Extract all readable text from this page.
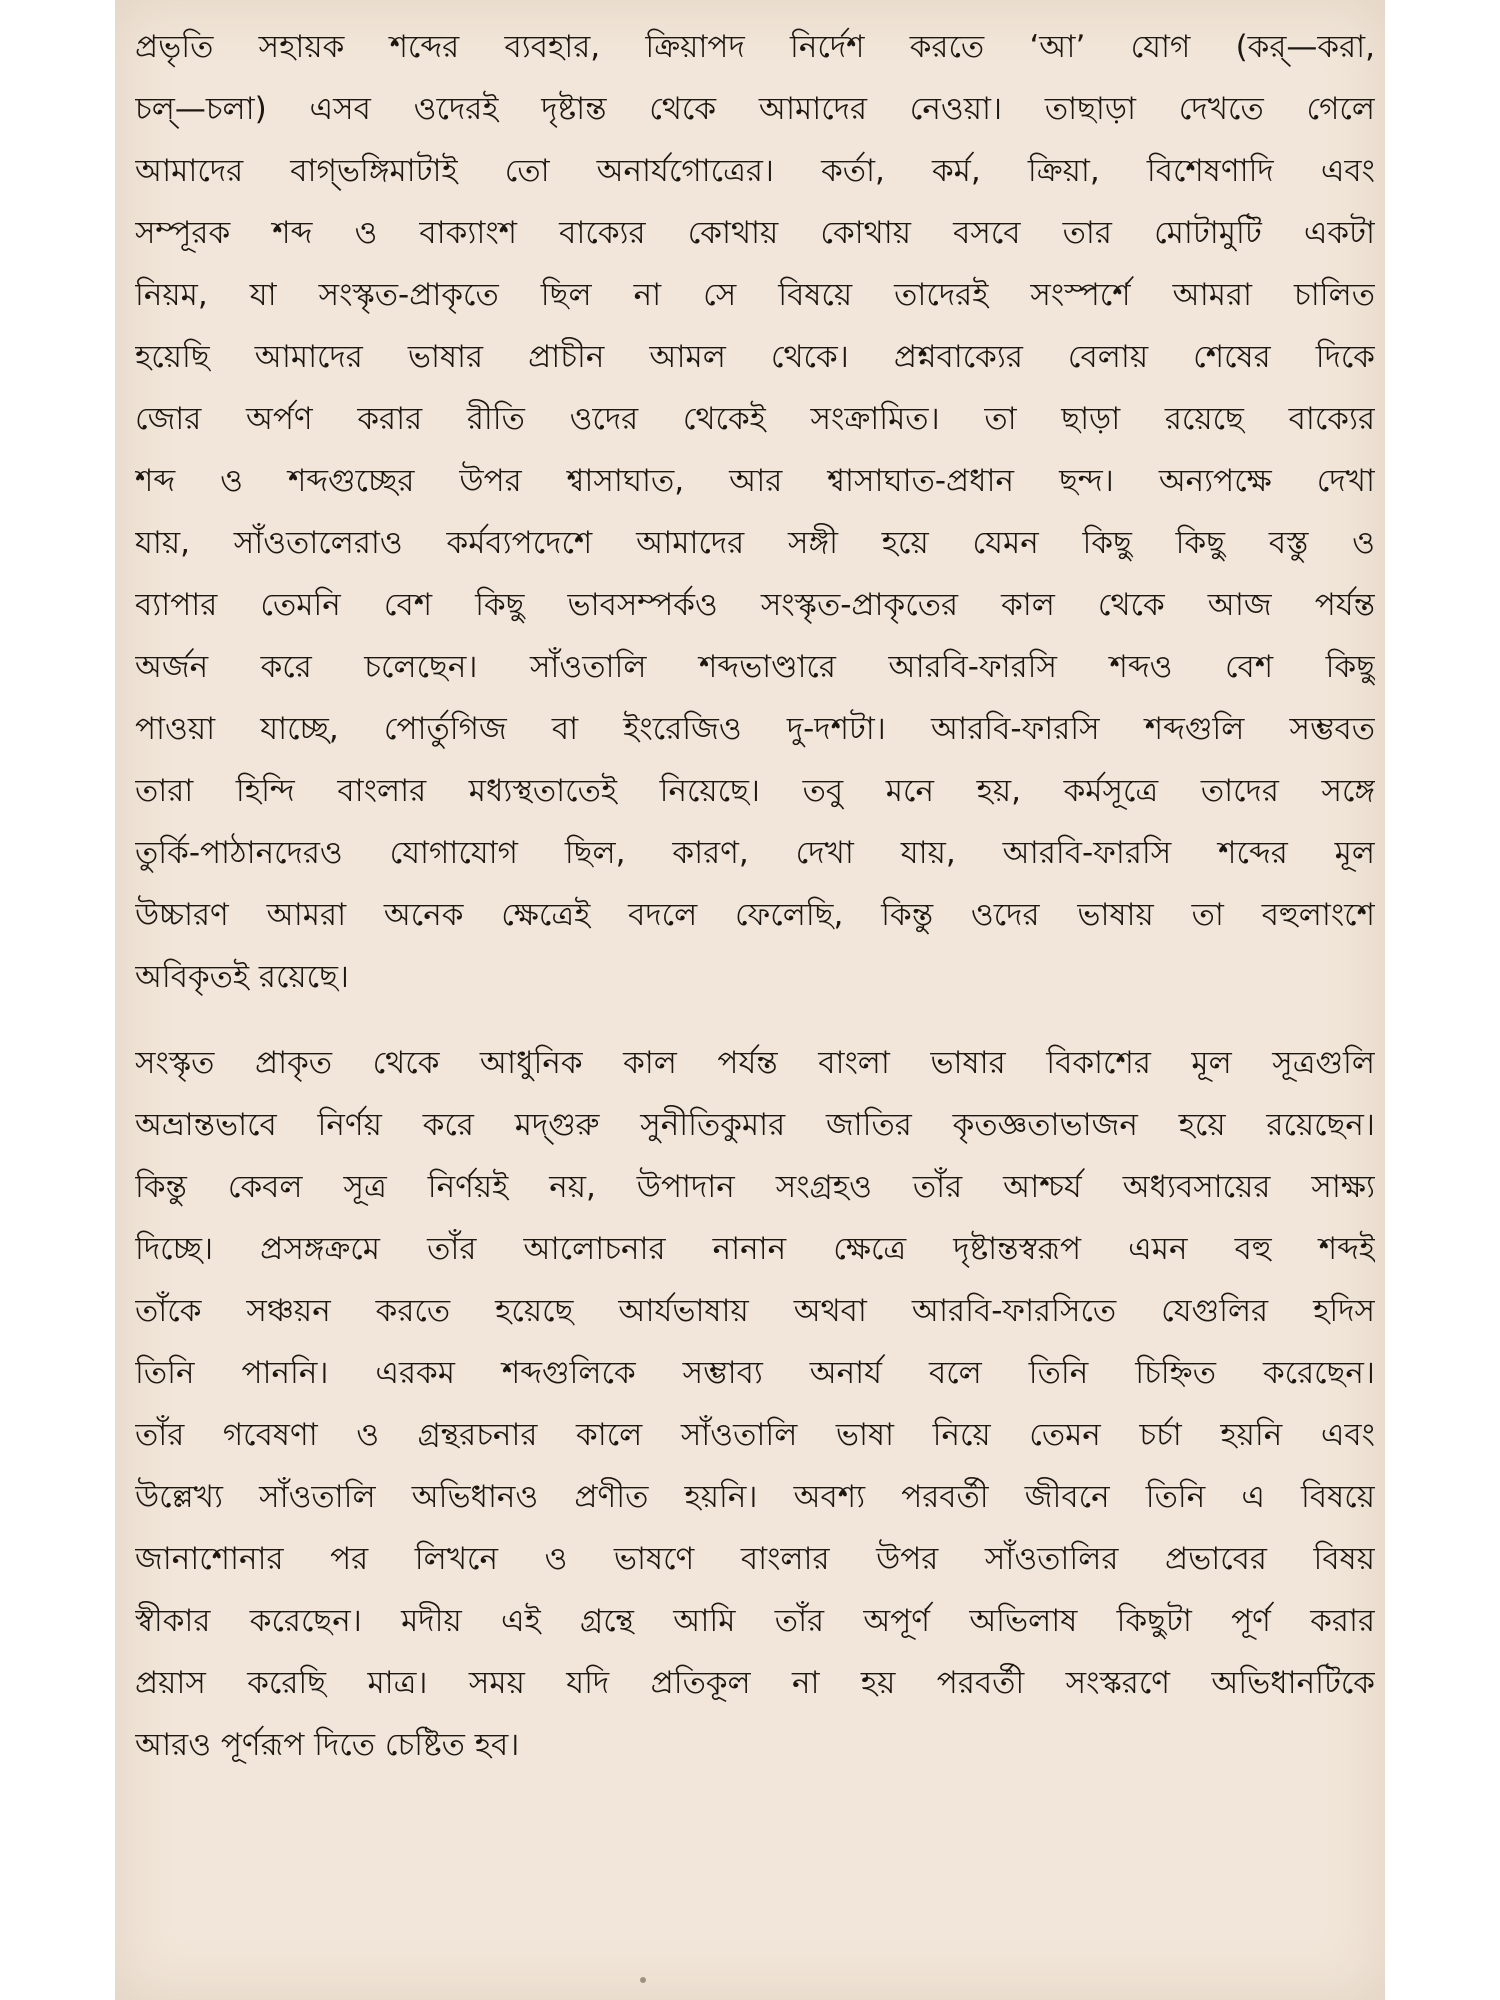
প্রভৃতি সহায়ক শব্দের ব্যবহার, ক্রিয়াপদ নির্দেশ করতে ‘আ’ যোগ (কর্—করা,
চল্—চলা) এসব ওদেরই দৃষ্টান্ত থেকে আমাদের নেওয়া। তাছাড়া দেখতে গেলে
আমাদের বাগ্‌ভঙ্গিমাটাই তো অনার্যগোত্রের। কর্তা, কর্ম, ক্রিয়া, বিশেষণাদি এবং
সম্পূরক শব্দ ও বাক্যাংশ বাক্যের কোথায় কোথায় বসবে তার মোটামুটি একটা
নিয়ম, যা সংস্কৃত-প্রাকৃতে ছিল না সে বিষয়ে তাদেরই সংস্পর্শে আমরা চালিত
হয়েছি আমাদের ভাষার প্রাচীন আমল থেকে। প্রশ্নবাক্যের বেলায় শেষের দিকে
জোর অর্পণ করার রীতি ওদের থেকেই সংক্রামিত। তা ছাড়া রয়েছে বাক্যের
শব্দ ও শব্দগুচ্ছের উপর শ্বাসাঘাত, আর শ্বাসাঘাত-প্রধান ছন্দ। অন্যপক্ষে দেখা
যায়, সাঁওতালেরাও কর্মব্যপদেশে আমাদের সঙ্গী হয়ে যেমন কিছু কিছু বস্তু ও
ব্যাপার তেমনি বেশ কিছু ভাবসম্পর্কও সংস্কৃত-প্রাকৃতের কাল থেকে আজ পর্যন্ত
অর্জন করে চলেছেন। সাঁওতালি শব্দভাণ্ডারে আরবি-ফারসি শব্দও বেশ কিছু
পাওয়া যাচ্ছে, পোর্তুগিজ বা ইংরেজিও দু-দশটা। আরবি-ফারসি শব্দগুলি সম্ভবত
তারা হিন্দি বাংলার মধ্যস্থতাতেই নিয়েছে। তবু মনে হয়, কর্মসূত্রে তাদের সঙ্গে
তুর্কি-পাঠানদেরও যোগাযোগ ছিল, কারণ, দেখা যায়, আরবি-ফারসি শব্দের মূল
উচ্চারণ আমরা অনেক ক্ষেত্রেই বদলে ফেলেছি, কিন্তু ওদের ভাষায় তা বহুলাংশে
অবিকৃতই রয়েছে।
সংস্কৃত প্রাকৃত থেকে আধুনিক কাল পর্যন্ত বাংলা ভাষার বিকাশের মূল সূত্রগুলি
অভ্রান্তভাবে নির্ণয় করে মদ্গুরু সুনীতিকুমার জাতির কৃতজ্ঞতাভাজন হয়ে রয়েছেন।
কিন্তু কেবল সূত্র নির্ণয়ই নয়, উপাদান সংগ্রহও তাঁর আশ্চর্য অধ্যবসায়ের সাক্ষ্য
দিচ্ছে। প্রসঙ্গক্রমে তাঁর আলোচনার নানান ক্ষেত্রে দৃষ্টান্তস্বরূপ এমন বহু শব্দই
তাঁকে সঞ্চয়ন করতে হয়েছে আর্যভাষায় অথবা আরবি-ফারসিতে যেগুলির হদিস
তিনি পাননি। এরকম শব্দগুলিকে সম্ভাব্য অনার্য বলে তিনি চিহ্নিত করেছেন।
তাঁর গবেষণা ও গ্রন্থরচনার কালে সাঁওতালি ভাষা নিয়ে তেমন চর্চা হয়নি এবং
উল্লেখ্য সাঁওতালি অভিধানও প্রণীত হয়নি। অবশ্য পরবর্তী জীবনে তিনি এ বিষয়ে
জানাশোনার পর লিখনে ও ভাষণে বাংলার উপর সাঁওতালির প্রভাবের বিষয়
স্বীকার করেছেন। মদীয় এই গ্রন্থে আমি তাঁর অপূর্ণ অভিলাষ কিছুটা পূর্ণ করার
প্রয়াস করেছি মাত্র। সময় যদি প্রতিকূল না হয় পরবর্তী সংস্করণে অভিধানটিকে
আরও পূর্ণরূপ দিতে চেষ্টিত হব।
